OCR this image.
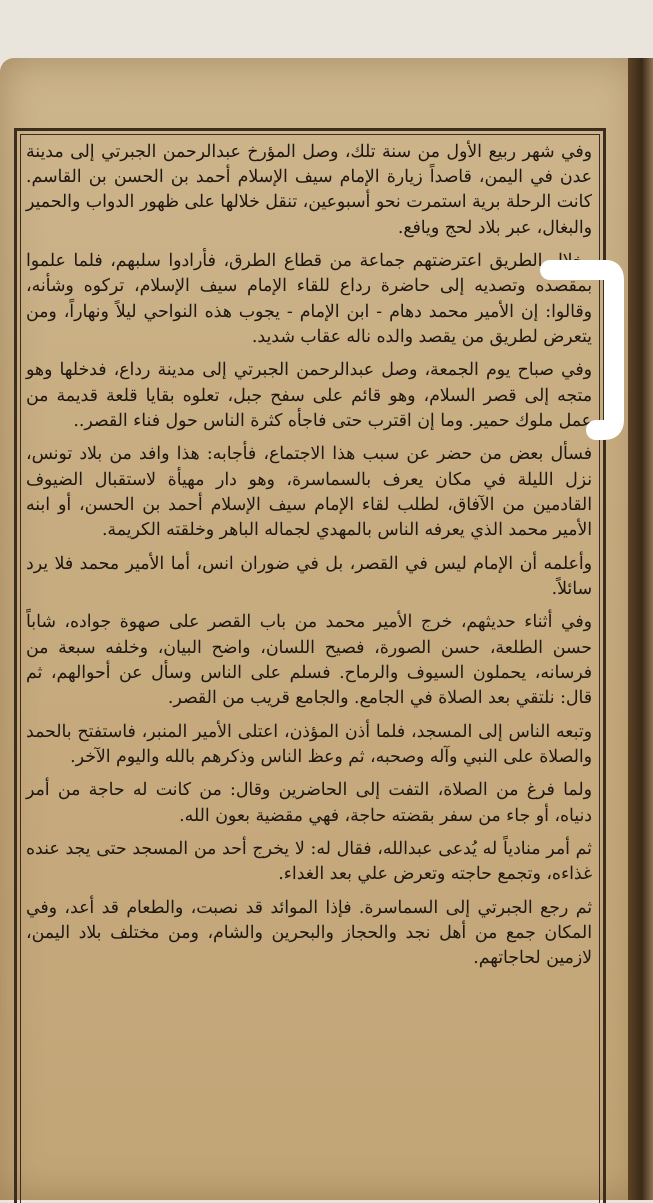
وفي شهر ربيع الأول من سنة تلك، وصل المؤرخ عبدالرحمن الجبرتي إلى مدينة عدن في اليمن، قاصداً زيارة الإمام سيف الإسلام أحمد بن الحسن بن القاسم. كانت الرحلة برية استمرت نحو أسبوعين، تنقل خلالها على ظهور الدواب والحمير والبغال، عبر بلاد لحج ويافع.

وخلال الطريق اعترضتهم جماعة من قطاع الطرق، فأرادوا سلبهم، فلما علموا بمقصده وتصديه إلى حاضرة رداع للقاء الإمام سيف الإسلام، تركوه وشأنه، وقالوا: إن الأمير محمد دهام - ابن الإمام - يجوب هذه النواحي ليلاً ونهاراً، ومن يتعرض لطريق من يقصد والده ناله عقاب شديد.

وفي صباح يوم الجمعة، وصل عبدالرحمن الجبرتي إلى مدينة رداع، فدخلها وهو متجه إلى قصر السلام، وهو قائم على سفح جبل، تعلوه بقايا قلعة قديمة من عمل ملوك حمير. وما إن اقترب حتى فاجأه كثرة الناس حول فناء القصر..

فسأل بعض من حضر عن سبب هذا الاجتماع، فأجابه: هذا وافد من بلاد تونس، نزل الليلة في مكان يعرف بالسماسرة، وهو دار مهيأة لاستقبال الضيوف القادمين من الآفاق، لطلب لقاء الإمام سيف الإسلام أحمد بن الحسن، أو ابنه الأمير محمد الذي يعرفه الناس بالمهدي لجماله الباهر وخلقته الكريمة.

وأعلمه أن الإمام ليس في القصر، بل في ضوران انس، أما الأمير محمد فلا يرد سائلاً.

وفي أثناء حديثهم، خرج الأمير محمد من باب القصر على صهوة جواده، شاباً حسن الطلعة، حسن الصورة، فصيح اللسان، واضح البيان، وخلفه سبعة من فرسانه، يحملون السيوف والرماح. فسلم على الناس وسأل عن أحوالهم، ثم قال: نلتقي بعد الصلاة في الجامع. والجامع قريب من القصر.

وتبعه الناس إلى المسجد، فلما أذن المؤذن، اعتلى الأمير المنبر، فاستفتح بالحمد والصلاة على النبي وآله وصحبه، ثم وعظ الناس وذكرهم بالله واليوم الآخر.

ولما فرغ من الصلاة، التفت إلى الحاضرين وقال: من كانت له حاجة من أمر دنياه، أو جاء من سفر بقضته حاجة، فهي مقضية بعون الله.

ثم أمر منادياً له يُدعى عبدالله، فقال له: لا يخرج أحد من المسجد حتى يجد عنده غذاءه، وتجمع حاجته وتعرض علي بعد الغداء.

ثم رجع الجبرتي إلى السماسرة. فإذا الموائد قد نصبت، والطعام قد أعد، وفي المكان جمع من أهل نجد والحجاز والبحرين والشام، ومن مختلف بلاد اليمن، لازمين لحاجاتهم.
